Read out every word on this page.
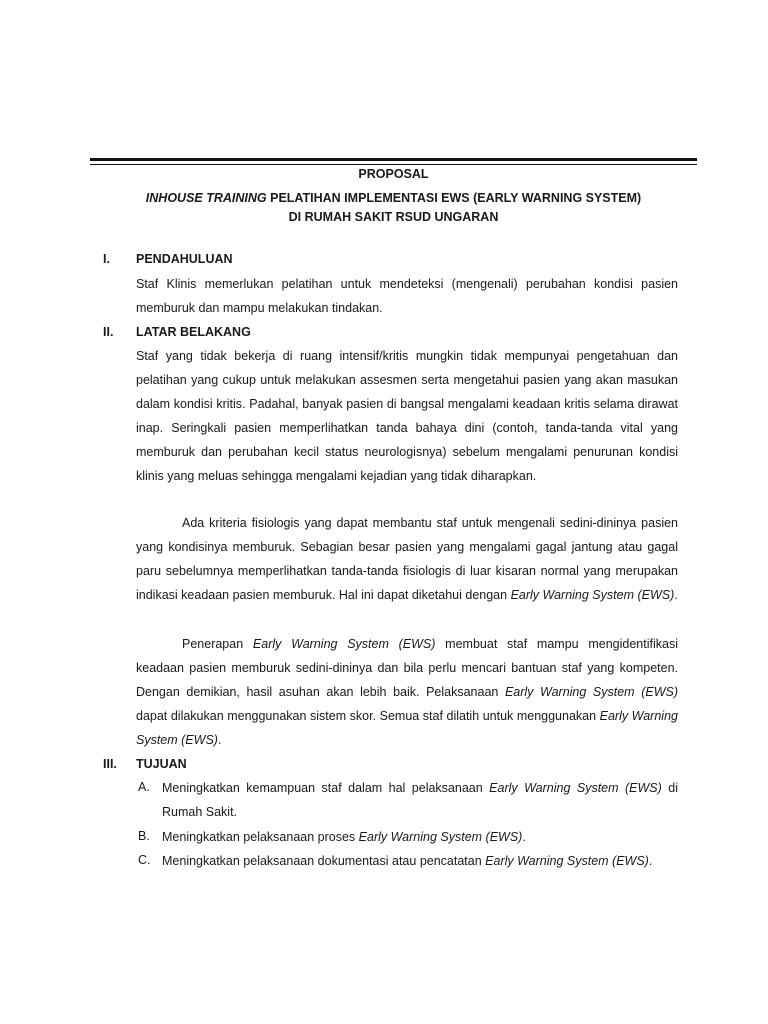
PROPOSAL
INHOUSE TRAINING PELATIHAN IMPLEMENTASI EWS (EARLY WARNING SYSTEM)
DI RUMAH SAKIT RSUD UNGARAN
I. PENDAHULUAN
Staf Klinis memerlukan pelatihan untuk mendeteksi (mengenali) perubahan kondisi pasien memburuk dan mampu melakukan tindakan.
II. LATAR BELAKANG
Staf yang tidak bekerja di ruang intensif/kritis mungkin tidak mempunyai pengetahuan dan pelatihan yang cukup untuk melakukan assesmen serta mengetahui pasien yang akan masukan dalam kondisi kritis. Padahal, banyak pasien di bangsal mengalami keadaan kritis selama dirawat inap. Seringkali pasien memperlihatkan tanda bahaya dini (contoh, tanda-tanda vital yang memburuk dan perubahan kecil status neurologisnya) sebelum mengalami penurunan kondisi klinis yang meluas sehingga mengalami kejadian yang tidak diharapkan.
Ada kriteria fisiologis yang dapat membantu staf untuk mengenali sedini-dininya pasien yang kondisinya memburuk. Sebagian besar pasien yang mengalami gagal jantung atau gagal paru sebelumnya memperlihatkan tanda-tanda fisiologis di luar kisaran normal yang merupakan indikasi keadaan pasien memburuk. Hal ini dapat diketahui dengan Early Warning System (EWS).
Penerapan Early Warning System (EWS) membuat staf mampu mengidentifikasi keadaan pasien memburuk sedini-dininya dan bila perlu mencari bantuan staf yang kompeten. Dengan demikian, hasil asuhan akan lebih baik. Pelaksanaan Early Warning System (EWS) dapat dilakukan menggunakan sistem skor. Semua staf dilatih untuk menggunakan Early Warning System (EWS).
III. TUJUAN
A. Meningkatkan kemampuan staf dalam hal pelaksanaan Early Warning System (EWS) di Rumah Sakit.
B. Meningkatkan pelaksanaan proses Early Warning System (EWS).
C. Meningkatkan pelaksanaan dokumentasi atau pencatatan Early Warning System (EWS).
